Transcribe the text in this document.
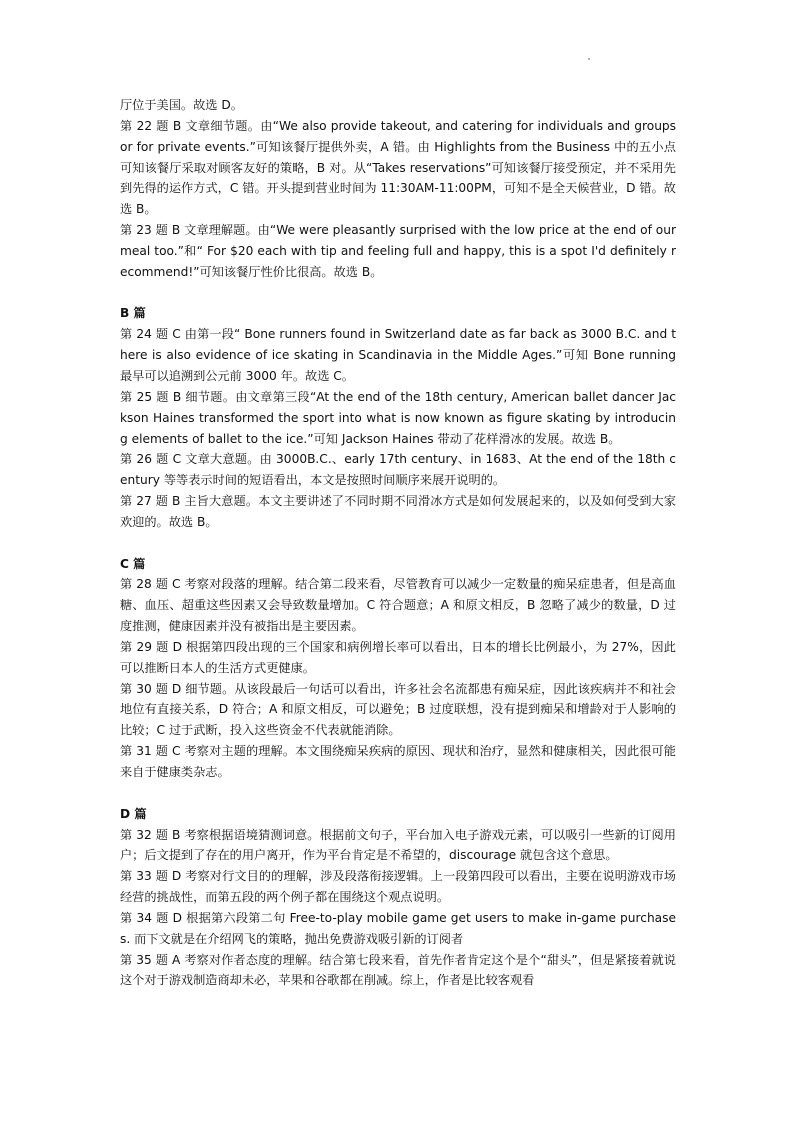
厅位于美国。故选 D。

第 22 题 B 文章细节题。由“We also provide takeout, and catering for individuals and groups or for private events.”可知该餐厅提供外卖，A 错。由 Highlights from the Business 中的五小点可知该餐厅采取对顾客友好的策略，B 对。从“Takes reservations”可知该餐厅接受预定，并不采用先到先得的运作方式，C 错。开头提到营业时间为 11:30AM-11:00PM，可知不是全天候营业，D 错。故选 B。

第 23 题 B 文章理解题。由“We were pleasantly surprised with the low price at the end of our meal too.”和“ For $20 each with tip and feeling full and happy, this is a spot I'd definitely recommend!”可知该餐厅性价比很高。故选 B。

B 篇

第 24 题 C 由第一段“ Bone runners found in Switzerland date as far back as 3000 B.C. and there is also evidence of ice skating in Scandinavia in the Middle Ages.”可知 Bone running 最早可以追溯到公元前 3000 年。故选 C。

第 25 题 B 细节题。由文章第三段“At the end of the 18th century, American ballet dancer Jackson Haines transformed the sport into what is now known as figure skating by introducing elements of ballet to the ice.”可知 Jackson Haines 带动了花样滑冰的发展。故选 B。

第 26 题 C 文章大意题。由 3000B.C.、early 17th century、in 1683、At the end of the 18th century 等等表示时间的短语看出，本文是按照时间顺序来展开说明的。

第 27 题 B 主旨大意题。本文主要讲述了不同时期不同滑冰方式是如何发展起来的，以及如何受到大家欢迎的。故选 B。

C 篇

第 28 题 C 考察对段落的理解。结合第二段来看，尽管教育可以减少一定数量的痴呆症患者，但是高血糖、血压、超重这些因素又会导致数量增加。C 符合题意；A 和原文相反，B 忽略了减少的数量，D 过度推测，健康因素并没有被指出是主要因素。

第 29 题 D 根据第四段出现的三个国家和病例增长率可以看出，日本的增长比例最小，为 27%，因此可以推断日本人的生活方式更健康。

第 30 题 D 细节题。从该段最后一句话可以看出，许多社会名流都患有痴呆症，因此该疾病并不和社会地位有直接关系，D 符合；A 和原文相反，可以避免；B 过度联想，没有提到痴呆和增龄对于人影响的比较；C 过于武断，投入这些资金不代表就能消除。

第 31 题 C 考察对主题的理解。本文围绕痴呆疾病的原因、现状和治疗，显然和健康相关，因此很可能来自于健康类杂志。

D 篇

第 32 题 B 考察根据语境猜测词意。根据前文句子，平台加入电子游戏元素，可以吸引一些新的订阅用户；后文提到了存在的用户离开，作为平台肯定是不希望的，discourage 就包含这个意思。

第 33 题 D 考察对行文目的的理解，涉及段落衔接逻辑。上一段第四段可以看出，主要在说明游戏市场经营的挑战性，而第五段的两个例子都在围绕这个观点说明。

第 34 题 D 根据第六段第二句 Free-to-play mobile game get users to make in-game purchases. 而下文就是在介绍网飞的策略，抛出免费游戏吸引新的订阅者

第 35 题 A 考察对作者态度的理解。结合第七段来看，首先作者肯定这个是个“甜头”，但是紧接着就说这个对于游戏制造商却未必，苹果和谷歌都在削减。综上，作者是比较客观看
